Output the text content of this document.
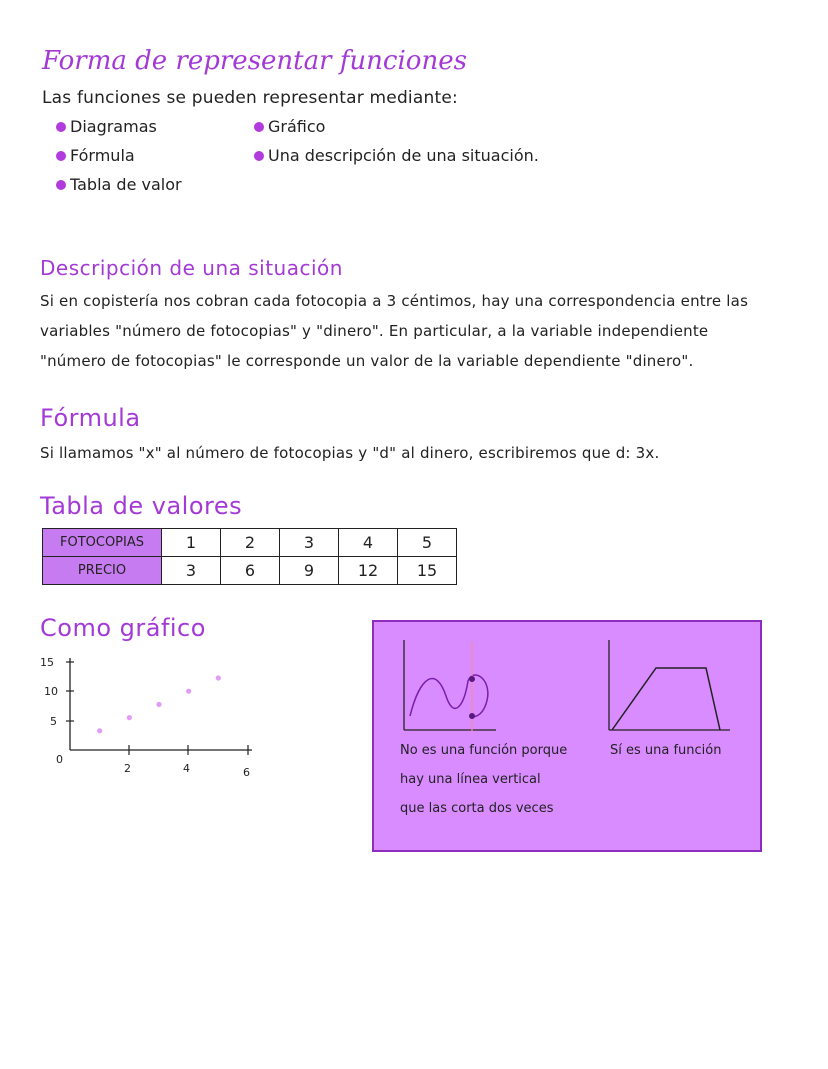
Forma de representar funciones
Las funciones se pueden representar mediante:
Diagramas
Fórmula
Tabla de valor
Gráfico
Una descripción de una situación.
Descripción de una situación
Si en copistería nos cobran cada fotocopia a 3 céntimos, hay una correspondencia entre las
variables "número de fotocopias" y "dinero". En particular, a la variable independiente
"número de fotocopias" le corresponde un valor de la variable dependiente "dinero".
Fórmula
Si llamamos "x" al número de fotocopias y "d" al dinero, escribiremos que d: 3x.
Tabla de valores
FOTOCOPIAS	1	2	3	4	5
PRECIO	3	6	9	12	15
Como gráfico
15
10
5
0
2	4	6
No es una función porque
hay una línea vertical
que las corta dos veces
Sí es una función
